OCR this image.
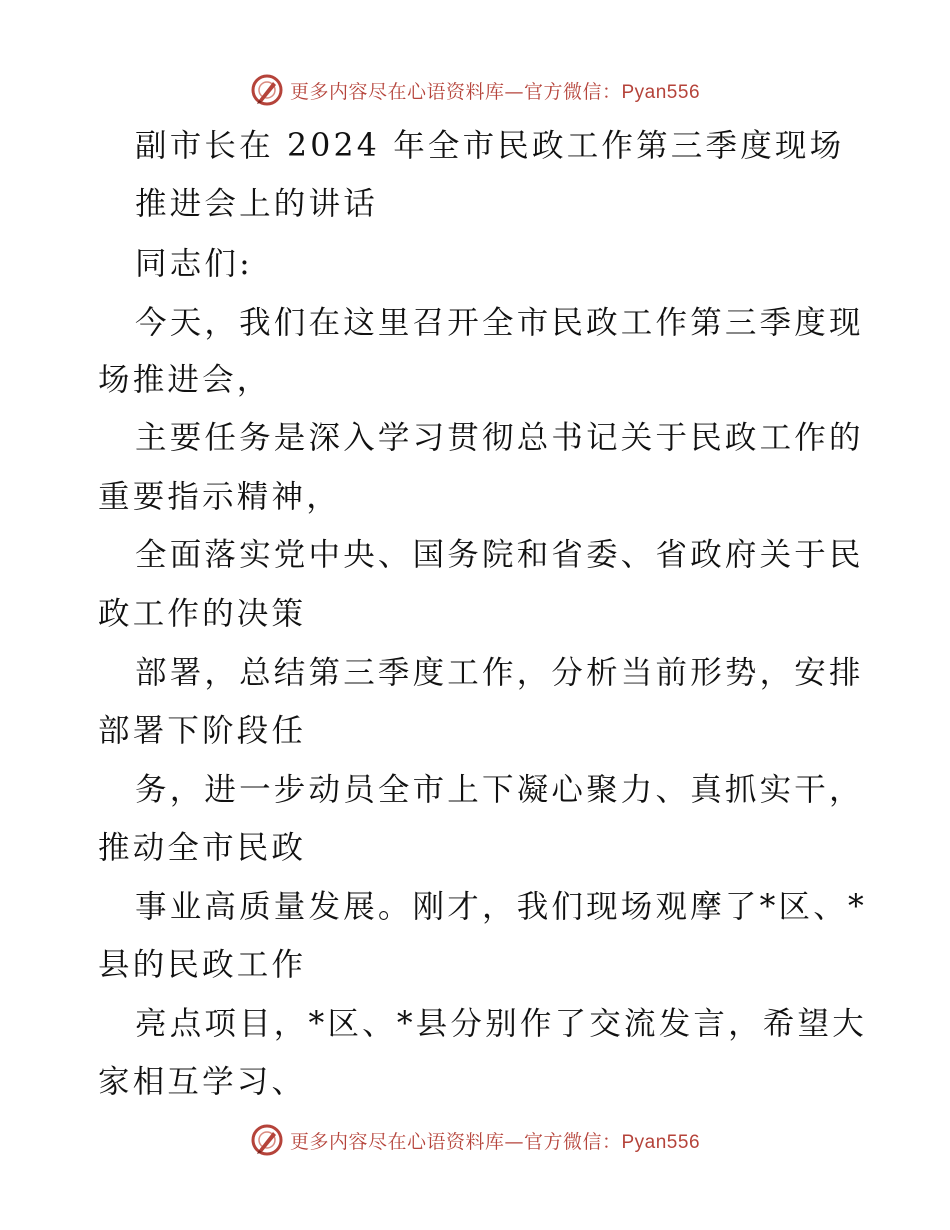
更多内容尽在心语资料库—官方微信：Pyan556
副市长在 2024 年全市民政工作第三季度现场
推进会上的讲话
同志们:
今天，我们在这里召开全市民政工作第三季度现
场推进会，
主要任务是深入学习贯彻总书记关于民政工作的
重要指示精神，
全面落实党中央、国务院和省委、省政府关于民
政工作的决策
部署，总结第三季度工作，分析当前形势，安排
部署下阶段任
务，进一步动员全市上下凝心聚力、真抓实干，
推动全市民政
事业高质量发展。刚才，我们现场观摩了*区、*
县的民政工作
亮点项目，*区、*县分别作了交流发言，希望大
家相互学习、
更多内容尽在心语资料库—官方微信：Pyan556
